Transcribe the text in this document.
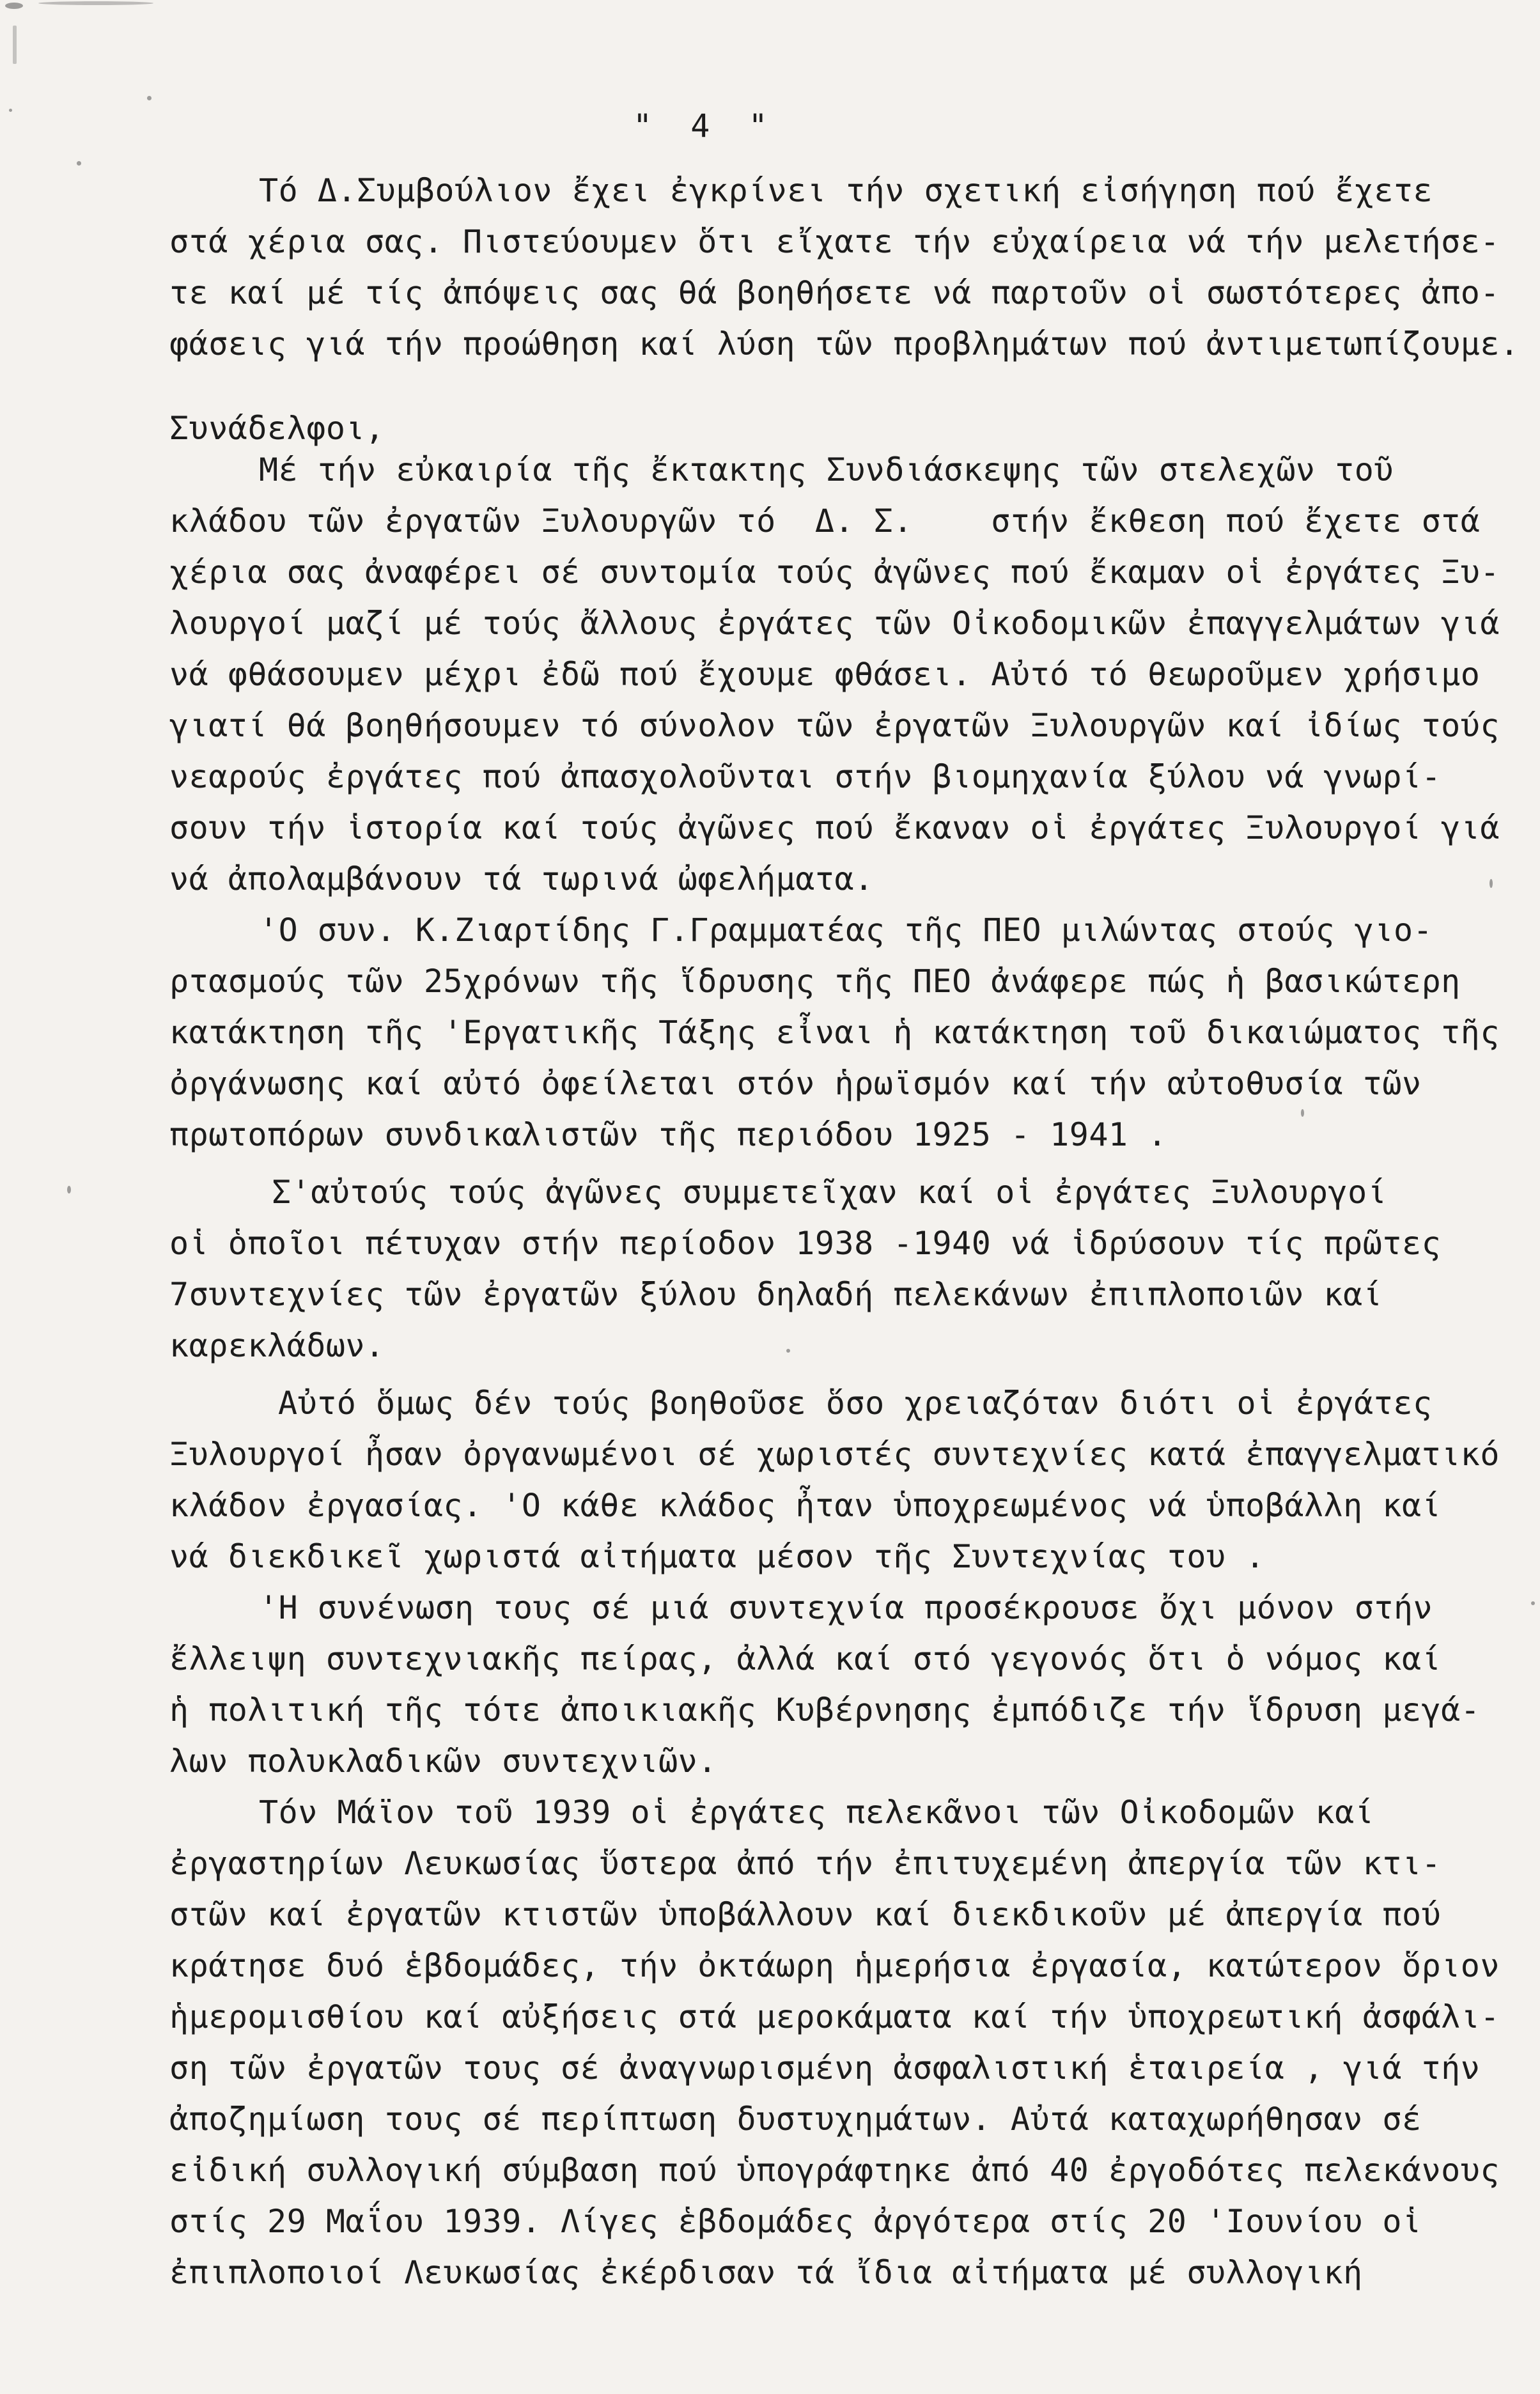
"  4  "
Τό Δ.Συμβούλιον ἔχει ἐγκρίνει τήν σχετική εἰσήγηση πού ἔχετε
στά χέρια σας. Πιστεύουμεν ὅτι εἴχατε τήν εὐχαίρεια νά τήν μελετήσε-
τε καί μέ τίς ἀπόψεις σας θά βοηθήσετε νά παρτοῦν οἱ σωστότερες ἀπο-
φάσεις γιά τήν προώθηση καί λύση τῶν προβλημάτων πού ἀντιμετωπίζουμε.
Συνάδελφοι,
Μέ τήν εὐκαιρία τῆς ἔκτακτης Συνδιάσκεψης τῶν στελεχῶν τοῦ
κλάδου τῶν ἐργατῶν Ξυλουργῶν τό  Δ. Σ.    στήν ἔκθεση πού ἔχετε στά
χέρια σας ἀναφέρει σέ συντομία τούς ἀγῶνες πού ἔκαμαν οἱ ἐργάτες Ξυ-
λουργοί μαζί μέ τούς ἄλλους ἐργάτες τῶν Οἰκοδομικῶν ἐπαγγελμάτων γιά
νά φθάσουμεν μέχρι ἐδῶ πού ἔχουμε φθάσει. Αὐτό τό θεωροῦμεν χρήσιμο
γιατί θά βοηθήσουμεν τό σύνολον τῶν ἐργατῶν Ξυλουργῶν καί ἰδίως τούς
νεαρούς ἐργάτες πού ἀπασχολοῦνται στήν βιομηχανία ξύλου νά γνωρί-
σουν τήν ἱστορία καί τούς ἀγῶνες πού ἔκαναν οἱ ἐργάτες Ξυλουργοί γιά
νά ἀπολαμβάνουν τά τωρινά ὠφελήματα.
'Ο συν. Κ.Ζιαρτίδης Γ.Γραμματέας τῆς ΠΕΟ μιλώντας στούς γιο-
ρτασμούς τῶν 25χρόνων τῆς ἵδρυσης τῆς ΠΕΟ ἀνάφερε πώς ἡ βασικώτερη
κατάκτηση τῆς 'Εργατικῆς Τάξης εἶναι ἡ κατάκτηση τοῦ δικαιώματος τῆς
ὀργάνωσης καί αὐτό ὀφείλεται στόν ἡρωϊσμόν καί τήν αὐτοθυσία τῶν
πρωτοπόρων συνδικαλιστῶν τῆς περιόδου 1925 - 1941 .
Σ'αὐτούς τούς ἀγῶνες συμμετεῖχαν καί οἱ ἐργάτες Ξυλουργοί
οἱ ὁποῖοι πέτυχαν στήν περίοδον 1938 -1940 νά ἱδρύσουν τίς πρῶτες
7συντεχνίες τῶν ἐργατῶν ξύλου δηλαδή πελεκάνων ἐπιπλοποιῶν καί
καρεκλάδων.
Αὐτό ὅμως δέν τούς βοηθοῦσε ὅσο χρειαζόταν διότι οἱ ἐργάτες
Ξυλουργοί ἦσαν ὀργανωμένοι σέ χωριστές συντεχνίες κατά ἐπαγγελματικό
κλάδον ἐργασίας. 'Ο κάθε κλάδος ἦταν ὑποχρεωμένος νά ὑποβάλλη καί
νά διεκδικεῖ χωριστά αἰτήματα μέσον τῆς Συντεχνίας του .
'Η συνένωση τους σέ μιά συντεχνία προσέκρουσε ὄχι μόνον στήν
ἔλλειψη συντεχνιακῆς πείρας, ἀλλά καί στό γεγονός ὅτι ὁ νόμος καί
ἡ πολιτική τῆς τότε ἀποικιακῆς Κυβέρνησης ἐμπόδιζε τήν ἵδρυση μεγά-
λων πολυκλαδικῶν συντεχνιῶν.
Τόν Μάϊον τοῦ 1939 οἱ ἐργάτες πελεκᾶνοι τῶν Οἰκοδομῶν καί
ἐργαστηρίων Λευκωσίας ὕστερα ἀπό τήν ἐπιτυχεμένη ἀπεργία τῶν κτι-
στῶν καί ἐργατῶν κτιστῶν ὑποβάλλουν καί διεκδικοῦν μέ ἀπεργία πού
κράτησε δυό ἑβδομάδες, τήν ὀκτάωρη ἡμερήσια ἐργασία, κατώτερον ὅριον
ἡμερομισθίου καί αὐξήσεις στά μεροκάματα καί τήν ὑποχρεωτική ἀσφάλι-
ση τῶν ἐργατῶν τους σέ ἀναγνωρισμένη ἀσφαλιστική ἑταιρεία , γιά τήν
ἀποζημίωση τους σέ περίπτωση δυστυχημάτων. Αὐτά καταχωρήθησαν σέ
εἰδική συλλογική σύμβαση πού ὑπογράφτηκε ἀπό 40 ἐργοδότες πελεκάνους
στίς 29 Μαΐου 1939. Λίγες ἑβδομάδες ἀργότερα στίς 20 'Ιουνίου οἱ
ἐπιπλοποιοί Λευκωσίας ἐκέρδισαν τά ἴδια αἰτήματα μέ συλλογική
